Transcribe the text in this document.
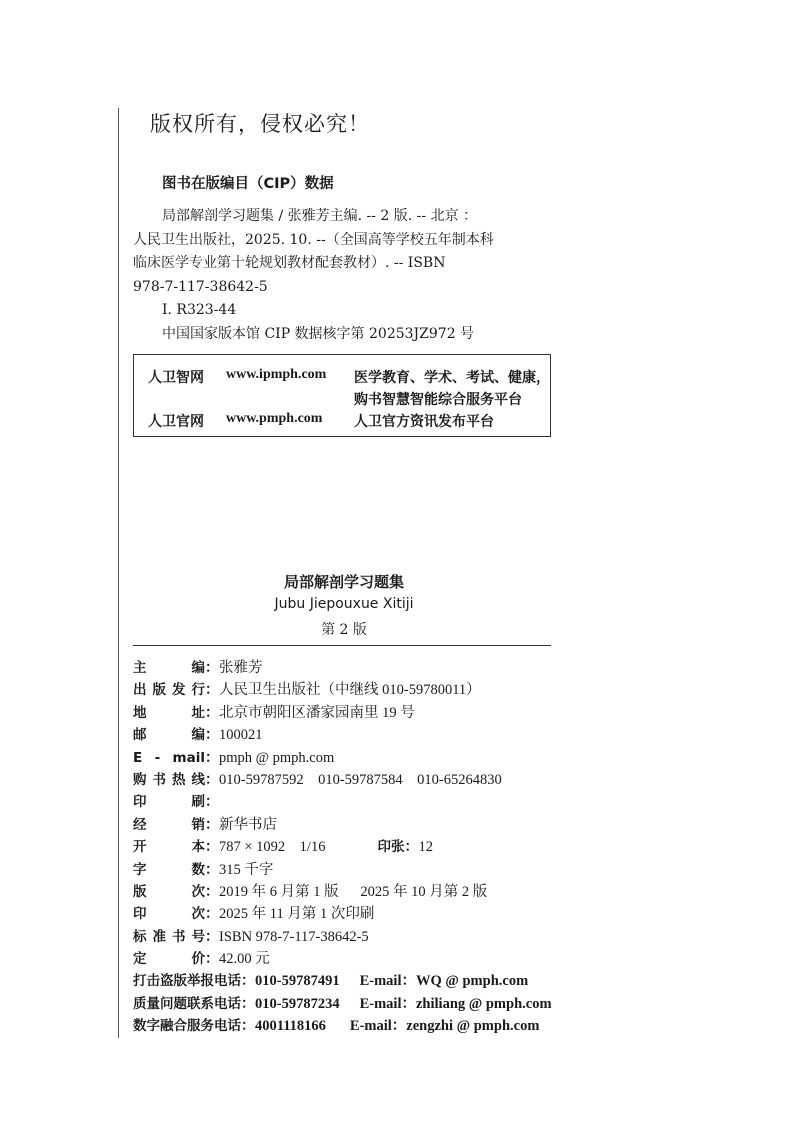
版权所有，侵权必究！
图书在版编目（CIP）数据
局部解剖学习题集 / 张雅芳主编. -- 2 版. -- 北京 ：
人民卫生出版社，2025. 10. --（全国高等学校五年制本科
临床医学专业第十轮规划教材配套教材）. -- ISBN
978-7-117-38642-5
Ⅰ. R323-44
中国国家版本馆 CIP 数据核字第 20253JZ972 号
人卫智网 www.ipmph.com 医学教育、学术、考试、健康，
购书智慧智能综合服务平台
人卫官网 www.pmph.com 人卫官方资讯发布平台
局部解剖学习题集
Jubu Jiepouxue Xitiji
第 2 版
主编：张雅芳
出版发行：人民卫生出版社（中继线 010-59780011）
地址：北京市朝阳区潘家园南里 19 号
邮编：100021
E - mail：pmph @ pmph.com
购书热线：010-59787592    010-59787584    010-65264830
印刷：
经销：新华书店
开本：787 × 1092    1/16	印张：12
字数：315 千字
版次：2019 年 6 月第 1 版      2025 年 10 月第 2 版
印次：2025 年 11 月第 1 次印刷
标准书号：ISBN 978-7-117-38642-5
定价：42.00 元
打击盗版举报电话：010-59787491 E-mail：WQ @ pmph.com
质量问题联系电话：010-59787234 E-mail：zhiliang @ pmph.com
数字融合服务电话：4001118166 E-mail：zengzhi @ pmph.com
